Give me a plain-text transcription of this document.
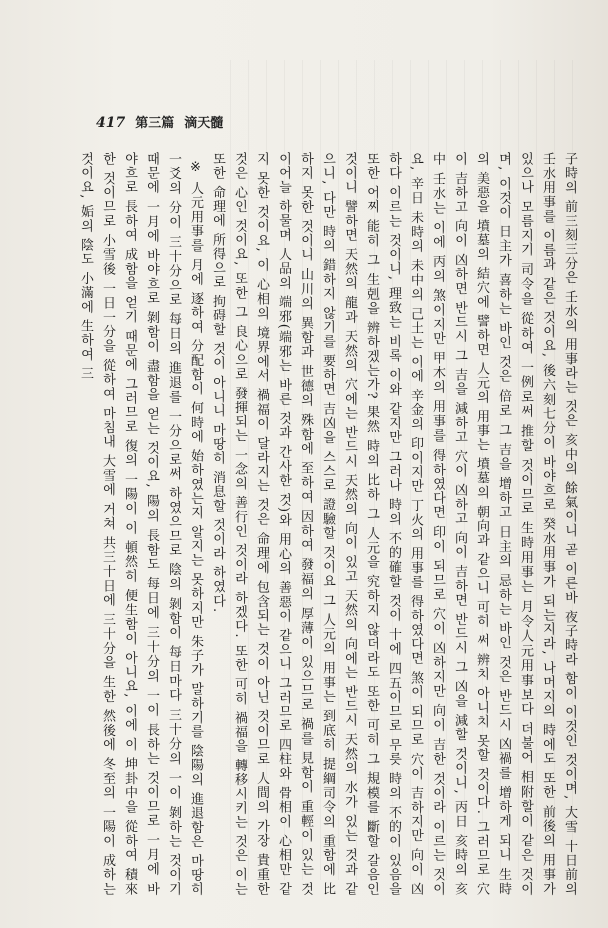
417 第三篇 滴天髓

子時의 前三刻三分은 壬水의 用事라는 것은 亥中의 餘氣이니 곧 이른바 夜子時라 함이 이것인 것이며, 大雪 十日前의 壬水用事를 이름과 같은 것이요, 後六刻七分이 바야흐로 癸水用事가 되는지라, 나머지의 時에도 또한 前後의 用事가 있으나 모름지기 司令을 從하여 一例로써 推할 것이므로 生時用事는 月令人元用事보다 더불어 相附할이 같은 것이며, 이것이 日主가 喜하는 바인 것은 倍로 그 吉을 增하고 日主의 忌하는 바인 것은 반드시 凶禍를 增하게 되니 生時의 美惡을 墳墓의 結穴에 譬하면 人元의 用事는 墳墓의 朝向과 같으니 可히 써 辨치 아니치 못할 것이다. 그러므로 穴이 吉하고 向이 凶하면 반드시 그 吉을 減하고 穴이 凶하고 向이 吉하면 반드시 그 凶을 減할 것이니, 丙日 亥時의 亥中 壬水는 이에 丙의 煞이지만 甲木의 用事를 得하였다면 印이 되므로 穴이 凶하지만 向이 吉한 것이라 이르는 것이요, 辛日 未時의 未中의 己土는 이에 辛金의 印이지만 丁火의 用事를 得하였다면 煞이 되므로 穴이 吉하지만 向이 凶하다 이르는 것이니, 理致는 비록 이와 같지만 그러나 時의 不的確할 것이 十에 四五이므로 무릇 時의 不的이 있음을 또한 어찌 能히 그 生剋을 辨하겠는가? 果然 時의 比하 그 人元을 究하지 않더라도 또한 可히 그 規模를 斷할 갈음인 것이니 譬하면 天然의 龍과 天然의 穴에는 반드시 天然의 向이 있고 天然의 向에는 반드시 天然의 水가 있는 것과 같으니, 다만 時의 錯하지 않기를 要하면 吉凶을 스스로 證驗할 것이요 그 人元의 用事는 到底히 提綱司令의 重함에 比하지 못한 것이니 山川의 異함과 世德의 殊함에 至하여 因하여 發福의 厚薄이 있으므로 禍를 見함이 重輕이 있는 것이어늘 하물며 人品의 端邪(端邪는 바른 것과 간사한 것)와 用心의 善惡이 같으니 그러므로 四柱와 骨相이 心相만 같지 못한 것이요, 이 心相의 境界에서 禍福이 달라지는 것은 命理에 包含되는 것이 아닌 것이므로 人間의 가장 貴重한 것은 心인 것이요, 또한 그 良心으로 發揮되는 一念의 善行인 것이라 하겠다. 또한 可히 禍福을 轉移시키는 것은 이는 또한 命理에 所得으로 拘碍할 것이 아니니 마땅히 消息할 것이라 하였다.

※ 人元用事를 月에 逐하여 分配함이 何時에 始하였는지 알지는 못하지만 朱子가 말하기를 陰陽의 進退함은 마땅히 一爻의 分이 三十分으로 每日의 進退를 一分으로써 하였으므로 陰의 剝함이 每日마다 三十分의 一이 剝하는 것이기 때문에 一月에 바야흐로 剝함이 盡함을 얻는 것이요, 陽의 長함도 每日에 三十分의 一이 長하는 것이므로 一月에 바야흐로 長하여 成함을 얻기 때문에 그러므로 復의 一陽이 이 頓然히 便生함이 아니요, 이에 이 坤卦中을 從하여 積來한 것이므로 小雪後 一日一分을 從하여 마침내 大雪에 거쳐 共三十日에 三十分을 生한 然後에 冬至의 一陽이 成하는 것이요, 姤의 陰도 小滿에 生하여 三
